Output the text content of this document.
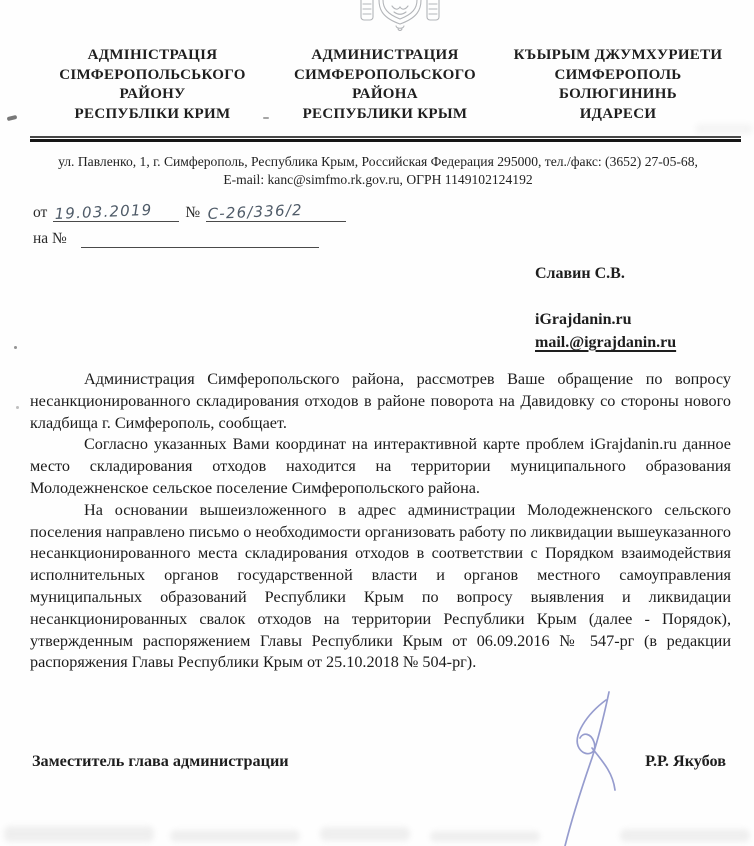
АДМІНІСТРАЦІЯ
СІМФЕРОПОЛЬСЬКОГО
РАЙОНУ
РЕСПУБЛІКИ КРИМ
АДМИНИСТРАЦИЯ
СИМФЕРОПОЛЬСКОГО
РАЙОНА
РЕСПУБЛИКИ КРЫМ
КЪЫРЫМ ДЖУМХУРИЕТИ
СИМФЕРОПОЛЬ
БОЛЮГИНИНЬ
ИДАРЕСИ
ул. Павленко, 1, г. Симферополь, Республика Крым, Российская Федерация 295000, тел./факс: (3652) 27-05-68,
E-mail: kanc@simfmo.rk.gov.ru, ОГРН 1149102124192
от 19.03.2019 № С-26/336/2
на №
Славин С.В.
iGrajdanin.ru
mail.@igrajdanin.ru

Администрация Симферопольского района, рассмотрев Ваше обращение по вопросу несанкционированного складирования отходов в районе поворота на Давидовку со стороны нового кладбища г. Симферополь, сообщает.

Согласно указанных Вами координат на интерактивной карте проблем iGrajdanin.ru данное место складирования отходов находится на территории муниципального образования Молодежненское сельское поселение Симферопольского района.

На основании вышеизложенного в адрес администрации Молодежненского сельского поселения направлено письмо о необходимости организовать работу по ликвидации вышеуказанного несанкционированного места складирования отходов в соответствии с Порядком взаимодействия исполнительных органов государственной власти и органов местного самоуправления муниципальных образований Республики Крым по вопросу выявления и ликвидации несанкционированных свалок отходов на территории Республики Крым (далее - Порядок), утвержденным распоряжением Главы Республики Крым от 06.09.2016 № 547-рг (в редакции распоряжения Главы Республики Крым от 25.10.2018 № 504-рг).

Заместитель глава администрации	Р.Р. Якубов
